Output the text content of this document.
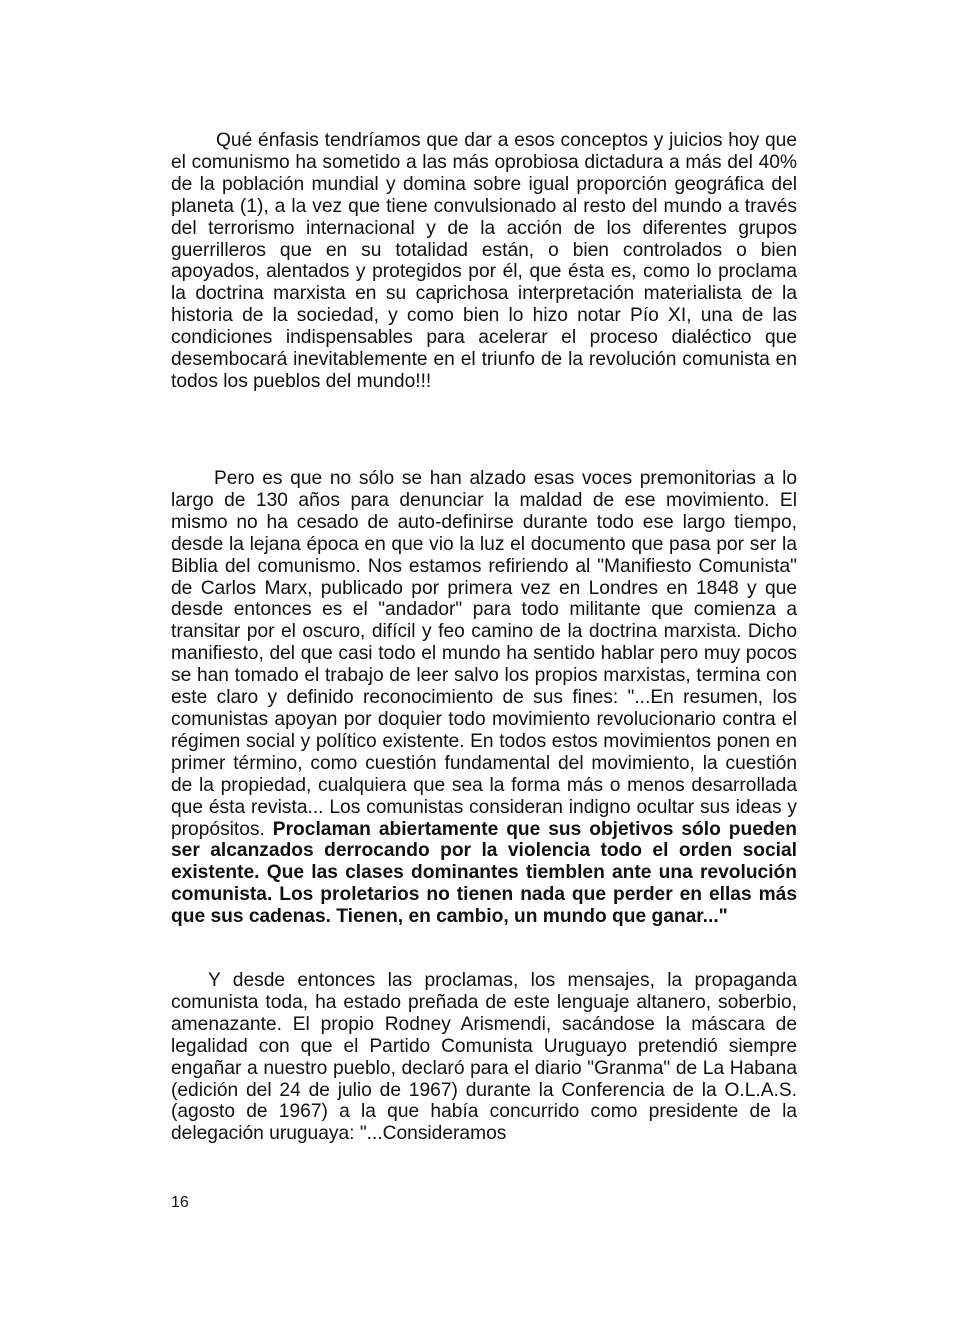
Qué énfasis tendríamos que dar a esos conceptos y juicios hoy que el comunismo ha sometido a las más oprobiosa dictadura a más del 40% de la población mundial y domina sobre igual proporción geográfica del planeta (1), a la vez que tiene convulsionado al resto del mundo a través del terrorismo internacional y de la acción de los diferentes grupos guerrilleros que en su totalidad están, o bien controlados o bien apoyados, alentados y protegidos por él, que ésta es, como lo proclama la doctrina marxista en su caprichosa interpretación materialista de la historia de la sociedad, y como bien lo hizo notar Pío XI, una de las condiciones indispensables para acelerar el proceso dialéctico que desembocará inevitablemente en el triunfo de la revolución comunista en todos los pueblos del mundo!!!

Pero es que no sólo se han alzado esas voces premonitorias a lo largo de 130 años para denunciar la maldad de ese movimiento. El mismo no ha cesado de auto-definirse durante todo ese largo tiempo, desde la lejana época en que vio la luz el documento que pasa por ser la Biblia del comunismo. Nos estamos refiriendo al "Manifiesto Comunista" de Carlos Marx, publicado por primera vez en Londres en 1848 y que desde entonces es el "andador" para todo militante que comienza a transitar por el oscuro, difícil y feo camino de la doctrina marxista. Dicho manifiesto, del que casi todo el mundo ha sentido hablar pero muy pocos se han tomado el trabajo de leer salvo los propios marxistas, termina con este claro y definido reconocimiento de sus fines: "...En resumen, los comunistas apoyan por doquier todo movimiento revolucionario contra el régimen social y político existente. En todos estos movimientos ponen en primer término, como cuestión fundamental del movimiento, la cuestión de la propiedad, cualquiera que sea la forma más o menos desarrollada que ésta revista... Los comunistas consideran indigno ocultar sus ideas y propósitos. Proclaman abiertamente que sus objetivos sólo pueden ser alcanzados derrocando por la violencia todo el orden social existente. Que las clases dominantes tiemblen ante una revolución comunista. Los proletarios no tienen nada que perder en ellas más que sus cadenas. Tienen, en cambio, un mundo que ganar..."

Y desde entonces las proclamas, los mensajes, la propaganda comunista toda, ha estado preñada de este lenguaje altanero, soberbio, amenazante. El propio Rodney Arismendi, sacándose la máscara de legalidad con que el Partido Comunista Uruguayo pretendió siempre engañar a nuestro pueblo, declaró para el diario "Granma" de La Habana (edición del 24 de julio de 1967) durante la Conferencia de la O.L.A.S. (agosto de 1967) a la que había concurrido como presidente de la delegación uruguaya: "...Consideramos

16
